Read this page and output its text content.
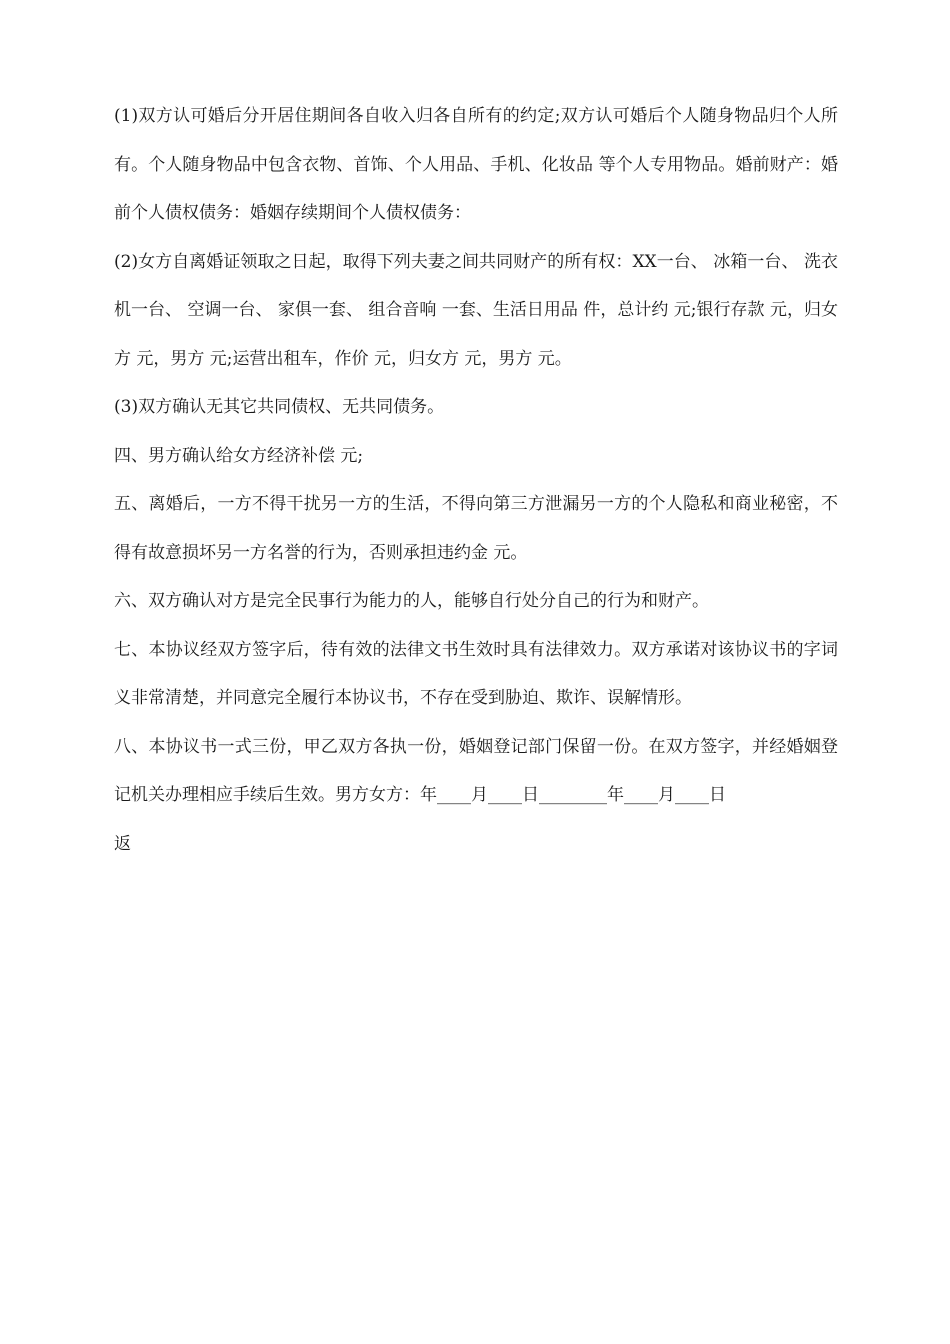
(1)双方认可婚后分开居住期间各自收入归各自所有的约定;双方认可婚后个人随身物品归个人所有。个人随身物品中包含衣物、首饰、个人用品、手机、化妆品 等个人专用物品。婚前财产：婚前个人债权债务：婚姻存续期间个人债权债务：

(2)女方自离婚证领取之日起，取得下列夫妻之间共同财产的所有权：XX一台、 冰箱一台、 洗衣机一台、 空调一台、 家俱一套、 组合音响 一套、生活日用品 件，总计约 元;银行存款 元，归女方 元，男方 元;运营出租车，作价 元，归女方 元，男方 元。

(3)双方确认无其它共同债权、无共同债务。

四、男方确认给女方经济补偿 元;

五、离婚后，一方不得干扰另一方的生活，不得向第三方泄漏另一方的个人隐私和商业秘密，不得有故意损坏另一方名誉的行为，否则承担违约金 元。

六、双方确认对方是完全民事行为能力的人，能够自行处分自己的行为和财产。

七、本协议经双方签字后，待有效的法律文书生效时具有法律效力。双方承诺对该协议书的字词义非常清楚，并同意完全履行本协议书，不存在受到胁迫、欺诈、误解情形。

八、本协议书一式三份，甲乙双方各执一份，婚姻登记部门保留一份。在双方签字，并经婚姻登记机关办理相应手续后生效。男方女方：年____月____日________年____月____日

返
